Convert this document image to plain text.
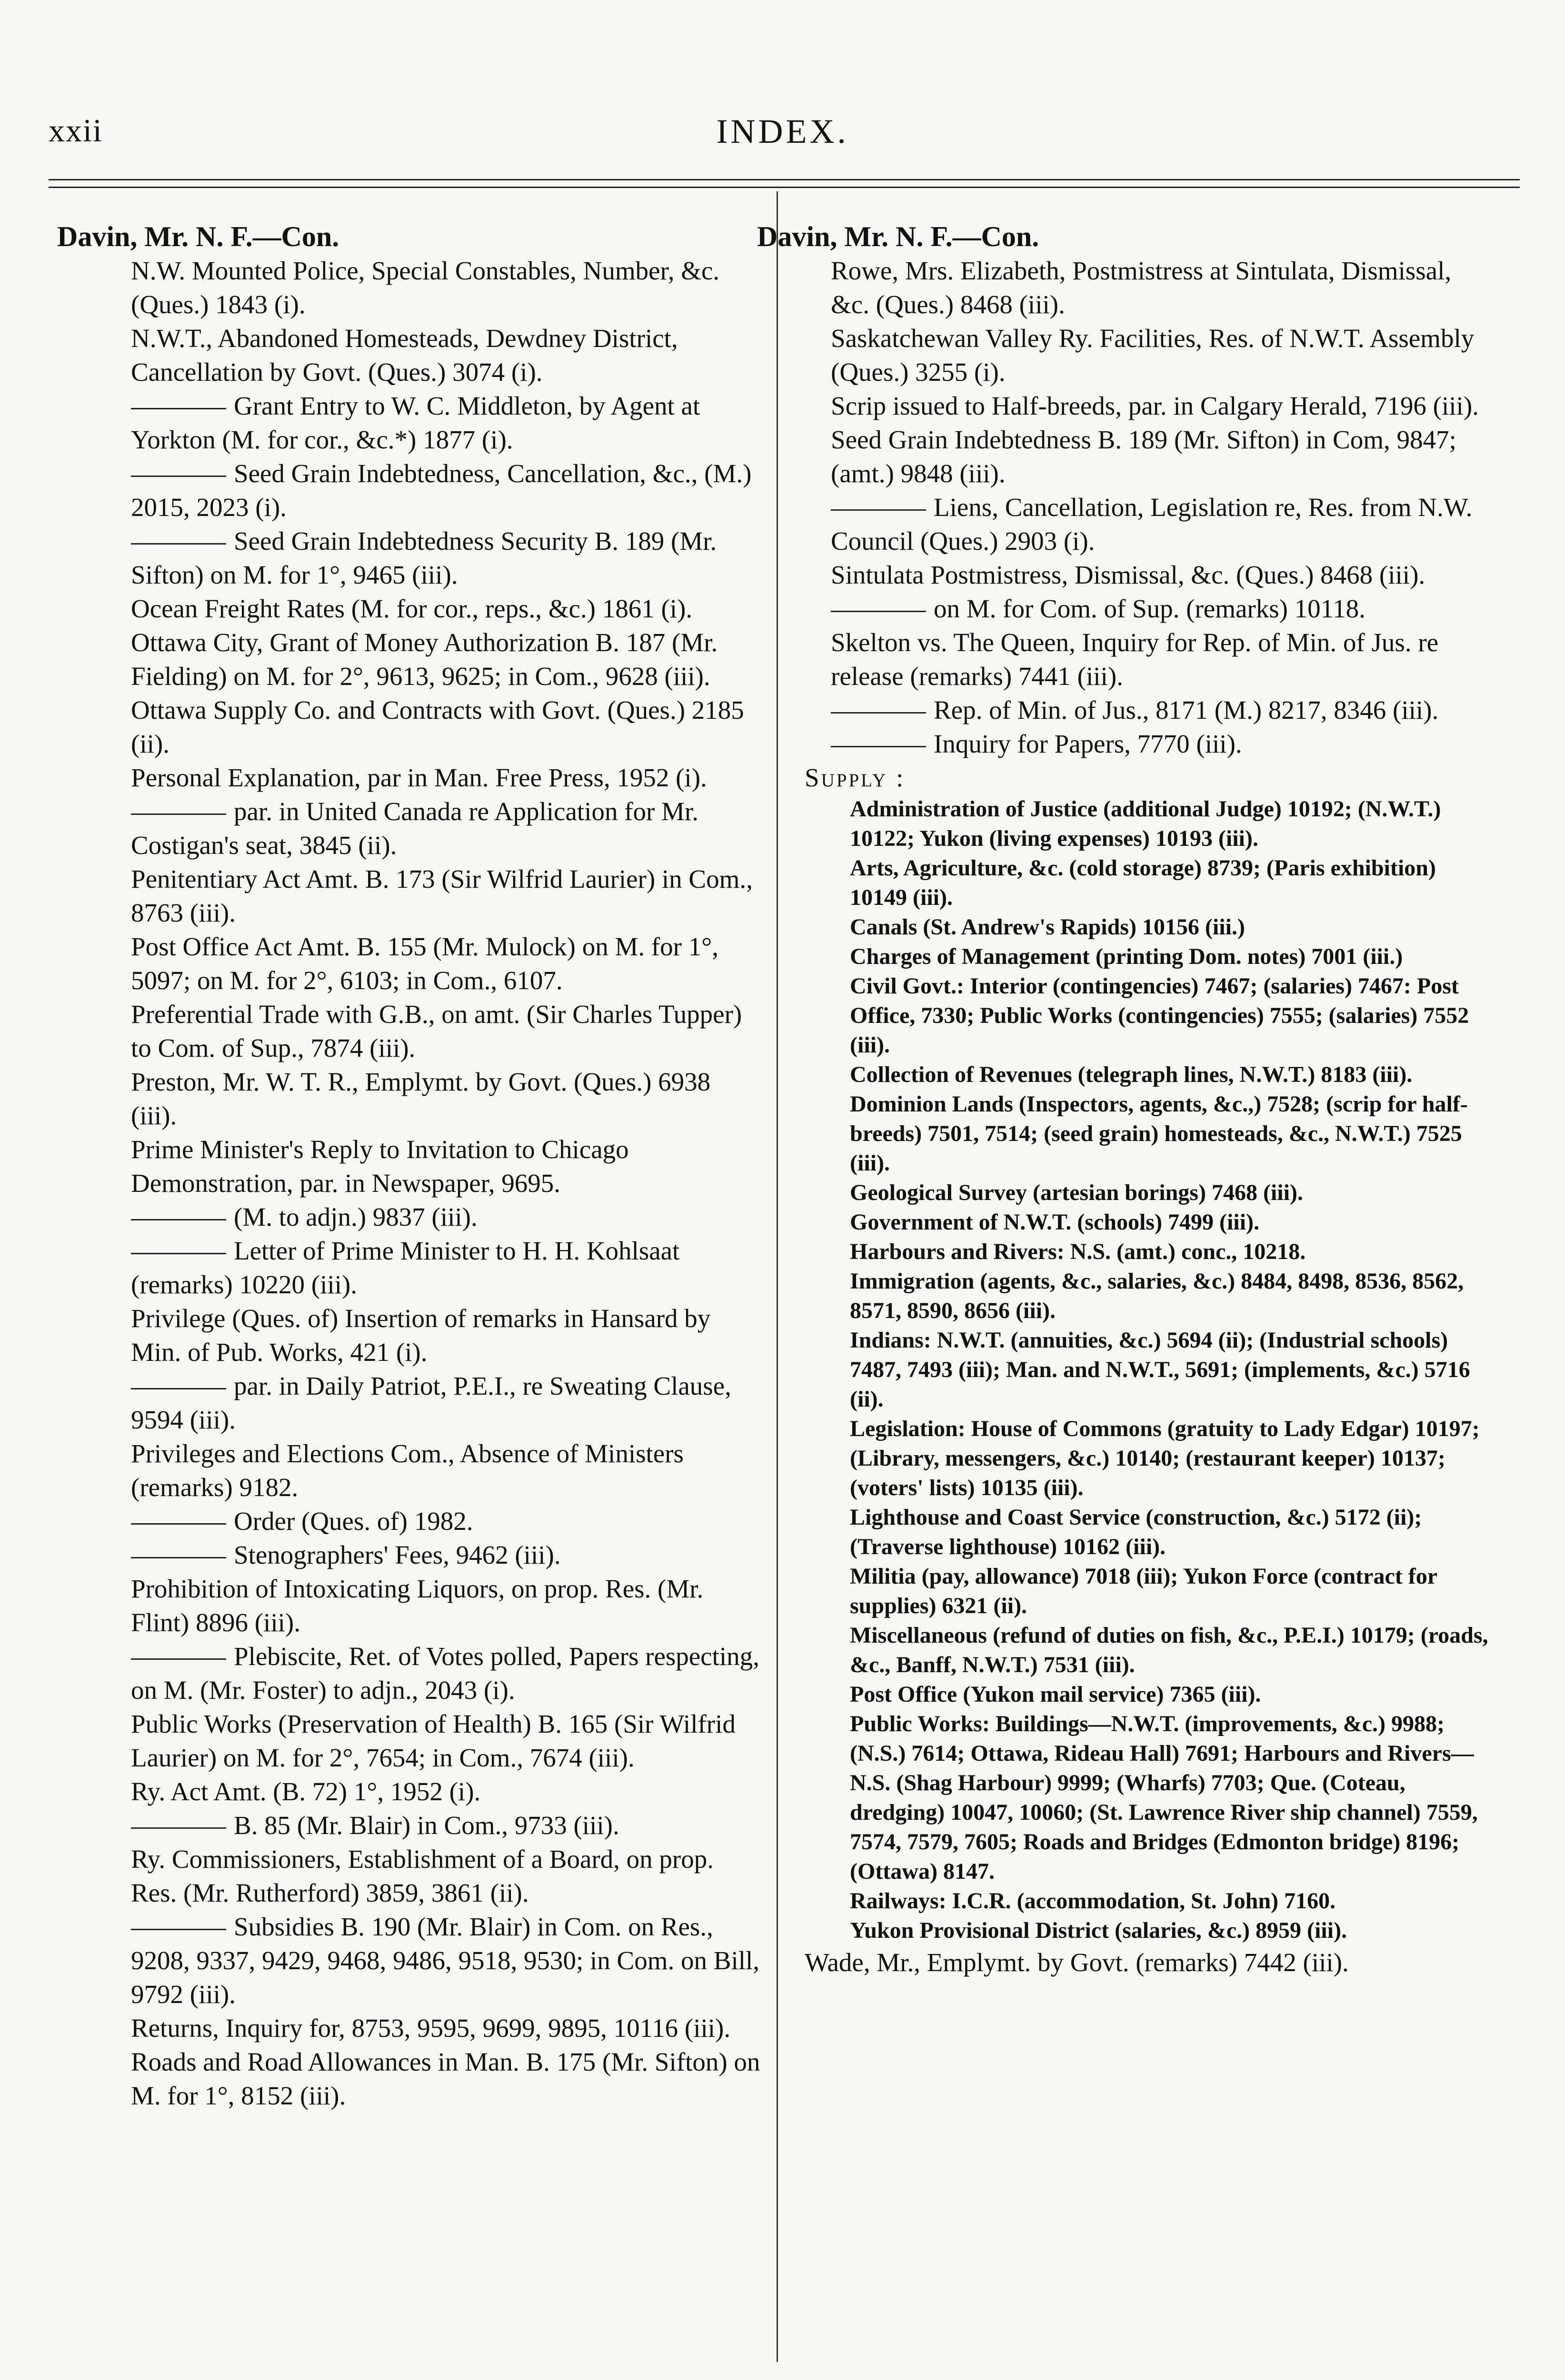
xxii	INDEX.

Davin, Mr. N. F.—Con.

N.W. Mounted Police, Special Constables, Number, &c. (Ques.) 1843 (i).

N.W.T., Abandoned Homesteads, Dewdney District, Cancellation by Govt. (Ques.) 3074 (i).

Grant Entry to W. C. Middleton, by Agent at Yorkton (M. for cor., &c.*) 1877 (i).

Seed Grain Indebtedness, Cancellation, &c., (M.) 2015, 2023 (i).

Seed Grain Indebtedness Security B. 189 (Mr. Sifton) on M. for 1°, 9465 (iii).

Ocean Freight Rates (M. for cor., reps., &c.) 1861 (i).

Ottawa City, Grant of Money Authorization B. 187 (Mr. Fielding) on M. for 2°, 9613, 9625; in Com., 9628 (iii).

Ottawa Supply Co. and Contracts with Govt. (Ques.) 2185 (ii).

Personal Explanation, par in Man. Free Press, 1952 (i).

par. in United Canada re Application for Mr. Costigan's seat, 3845 (ii).

Penitentiary Act Amt. B. 173 (Sir Wilfrid Laurier) in Com., 8763 (iii).

Post Office Act Amt. B. 155 (Mr. Mulock) on M. for 1°, 5097; on M. for 2°, 6103; in Com., 6107.

Preferential Trade with G.B., on amt. (Sir Charles Tupper) to Com. of Sup., 7874 (iii).

Preston, Mr. W. T. R., Emplymt. by Govt. (Ques.) 6938 (iii).

Prime Minister's Reply to Invitation to Chicago Demonstration, par. in Newspaper, 9695.

(M. to adjn.) 9837 (iii).

Letter of Prime Minister to H. H. Kohlsaat (remarks) 10220 (iii).

Privilege (Ques. of) Insertion of remarks in Hansard by Min. of Pub. Works, 421 (i).

par. in Daily Patriot, P.E.I., re Sweating Clause, 9594 (iii).

Privileges and Elections Com., Absence of Ministers (remarks) 9182.

Order (Ques. of) 1982.

Stenographers' Fees, 9462 (iii).

Prohibition of Intoxicating Liquors, on prop. Res. (Mr. Flint) 8896 (iii).

Plebiscite, Ret. of Votes polled, Papers respecting, on M. (Mr. Foster) to adjn., 2043 (i).

Public Works (Preservation of Health) B. 165 (Sir Wilfrid Laurier) on M. for 2°, 7654; in Com., 7674 (iii).

Ry. Act Amt. (B. 72) 1°, 1952 (i).

B. 85 (Mr. Blair) in Com., 9733 (iii).

Ry. Commissioners, Establishment of a Board, on prop. Res. (Mr. Rutherford) 3859, 3861 (ii).

Subsidies B. 190 (Mr. Blair) in Com. on Res., 9208, 9337, 9429, 9468, 9486, 9518, 9530; in Com. on Bill, 9792 (iii).

Returns, Inquiry for, 8753, 9595, 9699, 9895, 10116 (iii).

Roads and Road Allowances in Man. B. 175 (Mr. Sifton) on M. for 1°, 8152 (iii).

Davin, Mr. N. F.—Con.

Rowe, Mrs. Elizabeth, Postmistress at Sintulata, Dismissal, &c. (Ques.) 8468 (iii).

Saskatchewan Valley Ry. Facilities, Res. of N.W.T. Assembly (Ques.) 3255 (i).

Scrip issued to Half-breeds, par. in Calgary Herald, 7196 (iii).

Seed Grain Indebtedness B. 189 (Mr. Sifton) in Com, 9847; (amt.) 9848 (iii).

Liens, Cancellation, Legislation re, Res. from N.W. Council (Ques.) 2903 (i).

Sintulata Postmistress, Dismissal, &c. (Ques.) 8468 (iii).

on M. for Com. of Sup. (remarks) 10118.

Skelton vs. The Queen, Inquiry for Rep. of Min. of Jus. re release (remarks) 7441 (iii).

Rep. of Min. of Jus., 8171 (M.) 8217, 8346 (iii).

Inquiry for Papers, 7770 (iii).

Supply :

Administration of Justice (additional Judge) 10192; (N.W.T.) 10122; Yukon (living expenses) 10193 (iii).

Arts, Agriculture, &c. (cold storage) 8739; (Paris exhibition) 10149 (iii).

Canals (St. Andrew's Rapids) 10156 (iii.)

Charges of Management (printing Dom. notes) 7001 (iii.)

Civil Govt.: Interior (contingencies) 7467; (salaries) 7467: Post Office, 7330; Public Works (contingencies) 7555; (salaries) 7552 (iii).

Collection of Revenues (telegraph lines, N.W.T.) 8183 (iii).

Dominion Lands (Inspectors, agents, &c.,) 7528; (scrip for half-breeds) 7501, 7514; (seed grain) homesteads, &c., N.W.T.) 7525 (iii).

Geological Survey (artesian borings) 7468 (iii).

Government of N.W.T. (schools) 7499 (iii).

Harbours and Rivers: N.S. (amt.) conc., 10218.

Immigration (agents, &c., salaries, &c.) 8484, 8498, 8536, 8562, 8571, 8590, 8656 (iii).

Indians: N.W.T. (annuities, &c.) 5694 (ii); (Industrial schools) 7487, 7493 (iii); Man. and N.W.T., 5691; (implements, &c.) 5716 (ii).

Legislation: House of Commons (gratuity to Lady Edgar) 10197; (Library, messengers, &c.) 10140; (restaurant keeper) 10137; (voters' lists) 10135 (iii).

Lighthouse and Coast Service (construction, &c.) 5172 (ii); (Traverse lighthouse) 10162 (iii).

Militia (pay, allowance) 7018 (iii); Yukon Force (contract for supplies) 6321 (ii).

Miscellaneous (refund of duties on fish, &c., P.E.I.) 10179; (roads, &c., Banff, N.W.T.) 7531 (iii).

Post Office (Yukon mail service) 7365 (iii).

Public Works: Buildings—N.W.T. (improvements, &c.) 9988; (N.S.) 7614; Ottawa, Rideau Hall) 7691; Harbours and Rivers—N.S. (Shag Harbour) 9999; (Wharfs) 7703; Que. (Coteau, dredging) 10047, 10060; (St. Lawrence River ship channel) 7559, 7574, 7579, 7605; Roads and Bridges (Edmonton bridge) 8196; (Ottawa) 8147.

Railways: I.C.R. (accommodation, St. John) 7160.

Yukon Provisional District (salaries, &c.) 8959 (iii).

Wade, Mr., Emplymt. by Govt. (remarks) 7442 (iii).
